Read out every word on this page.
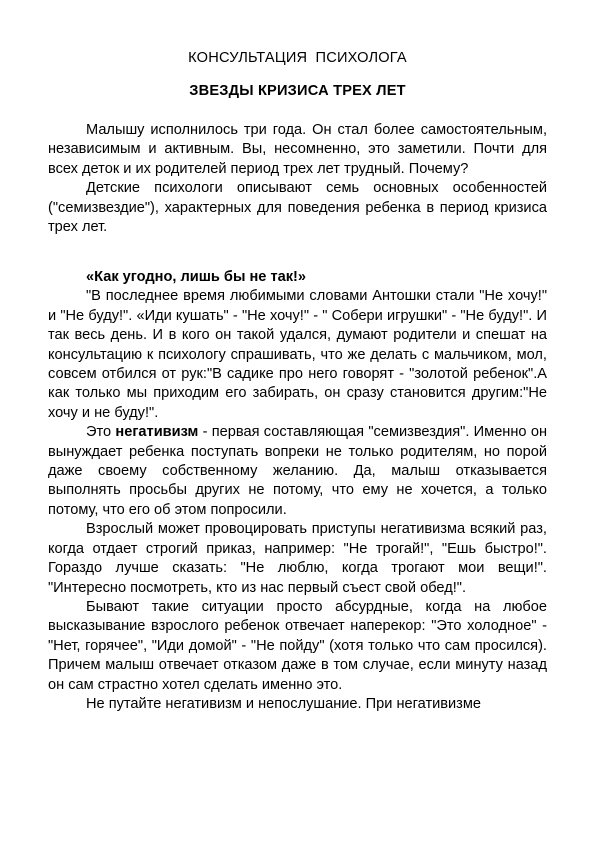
КОНСУЛЬТАЦИЯ ПСИХОЛОГА
ЗВЕЗДЫ КРИЗИСА ТРЕХ ЛЕТ

Малышу исполнилось три года. Он стал более самостоятельным, независимым и активным. Вы, несомненно, это заметили. Почти для всех деток и их родителей период трех лет трудный. Почему?

Детские психологи описывают семь основных особенностей ("семизвездие"), характерных для поведения ребенка в период кризиса трех лет.

«Как угодно, лишь бы не так!»

"В последнее время любимыми словами Антошки стали "Не хочу!" и "Не буду!". «Иди кушать" - "Не хочу!" - " Собери игрушки" - "Не буду!". И так весь день. И в кого он такой удался, думают родители и спешат на консультацию к психологу спрашивать, что же делать с мальчиком, мол, совсем отбился от рук:"В садике про него говорят - "золотой ребенок".А как только мы приходим его забирать, он сразу становится другим:"Не хочу и не буду!".

Это негативизм - первая составляющая "семизвездия". Именно он вынуждает ребенка поступать вопреки не только родителям, но порой даже своему собственному желанию. Да, малыш отказывается выполнять просьбы других не потому, что ему не хочется, а только потому, что его об этом попросили.

Взрослый может провоцировать приступы негативизма всякий раз, когда отдает строгий приказ, например: "Не трогай!", "Ешь быстро!". Гораздо лучше сказать: "Не люблю, когда трогают мои вещи!". "Интересно посмотреть, кто из нас первый съест свой обед!".

Бывают такие ситуации просто абсурдные, когда на любое высказывание взрослого ребенок отвечает наперекор: "Это холодное" - "Нет, горячее", "Иди домой" - "Не пойду" (хотя только что сам просился). Причем малыш отвечает отказом даже в том случае, если минуту назад он сам страстно хотел сделать именно это.

Не путайте негативизм и непослушание. При негативизме
